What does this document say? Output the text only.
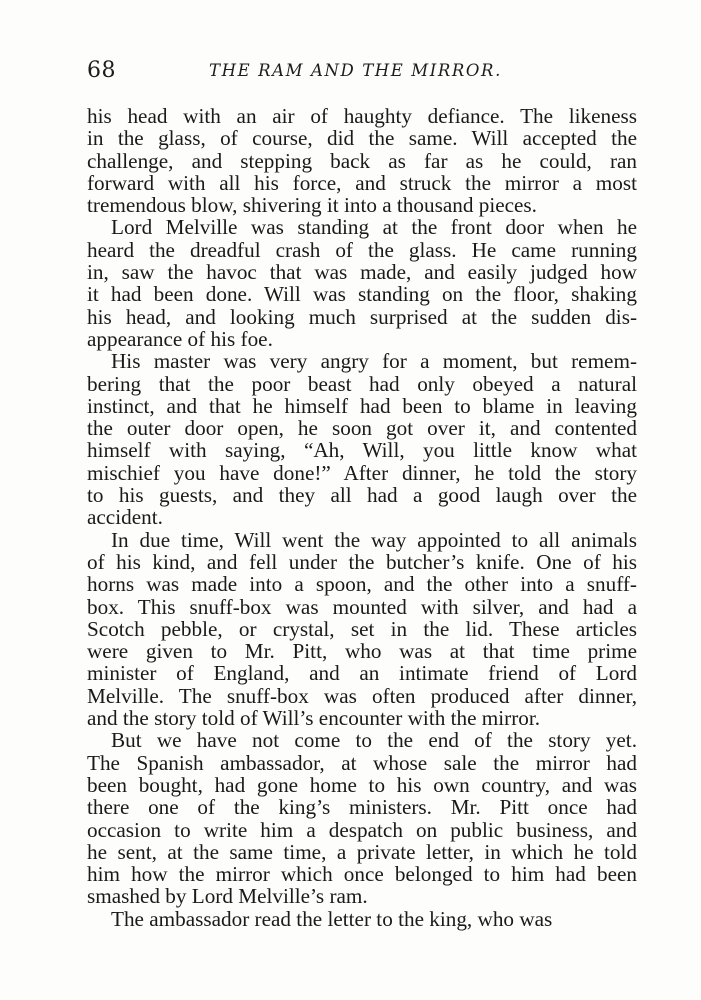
68	THE RAM AND THE MIRROR.

his head with an air of haughty defiance. The likeness

in the glass, of course, did the same. Will accepted the

challenge, and stepping back as far as he could, ran

forward with all his force, and struck the mirror a most

tremendous blow, shivering it into a thousand pieces.

Lord Melville was standing at the front door when he

heard the dreadful crash of the glass. He came running

in, saw the havoc that was made, and easily judged how

it had been done. Will was standing on the floor, shaking

his head, and looking much surprised at the sudden dis-

appearance of his foe.

His master was very angry for a moment, but remem-

bering that the poor beast had only obeyed a natural

instinct, and that he himself had been to blame in leaving

the outer door open, he soon got over it, and contented

himself with saying, “Ah, Will, you little know what

mischief you have done!” After dinner, he told the story

to his guests, and they all had a good laugh over the

accident.

In due time, Will went the way appointed to all animals

of his kind, and fell under the butcher’s knife. One of his

horns was made into a spoon, and the other into a snuff-

box. This snuff-box was mounted with silver, and had a

Scotch pebble, or crystal, set in the lid. These articles

were given to Mr. Pitt, who was at that time prime

minister of England, and an intimate friend of Lord

Melville. The snuff-box was often produced after dinner,

and the story told of Will’s encounter with the mirror.

But we have not come to the end of the story yet.

The Spanish ambassador, at whose sale the mirror had

been bought, had gone home to his own country, and was

there one of the king’s ministers. Mr. Pitt once had

occasion to write him a despatch on public business, and

he sent, at the same time, a private letter, in which he told

him how the mirror which once belonged to him had been

smashed by Lord Melville’s ram.

The ambassador read the letter to the king, who was
